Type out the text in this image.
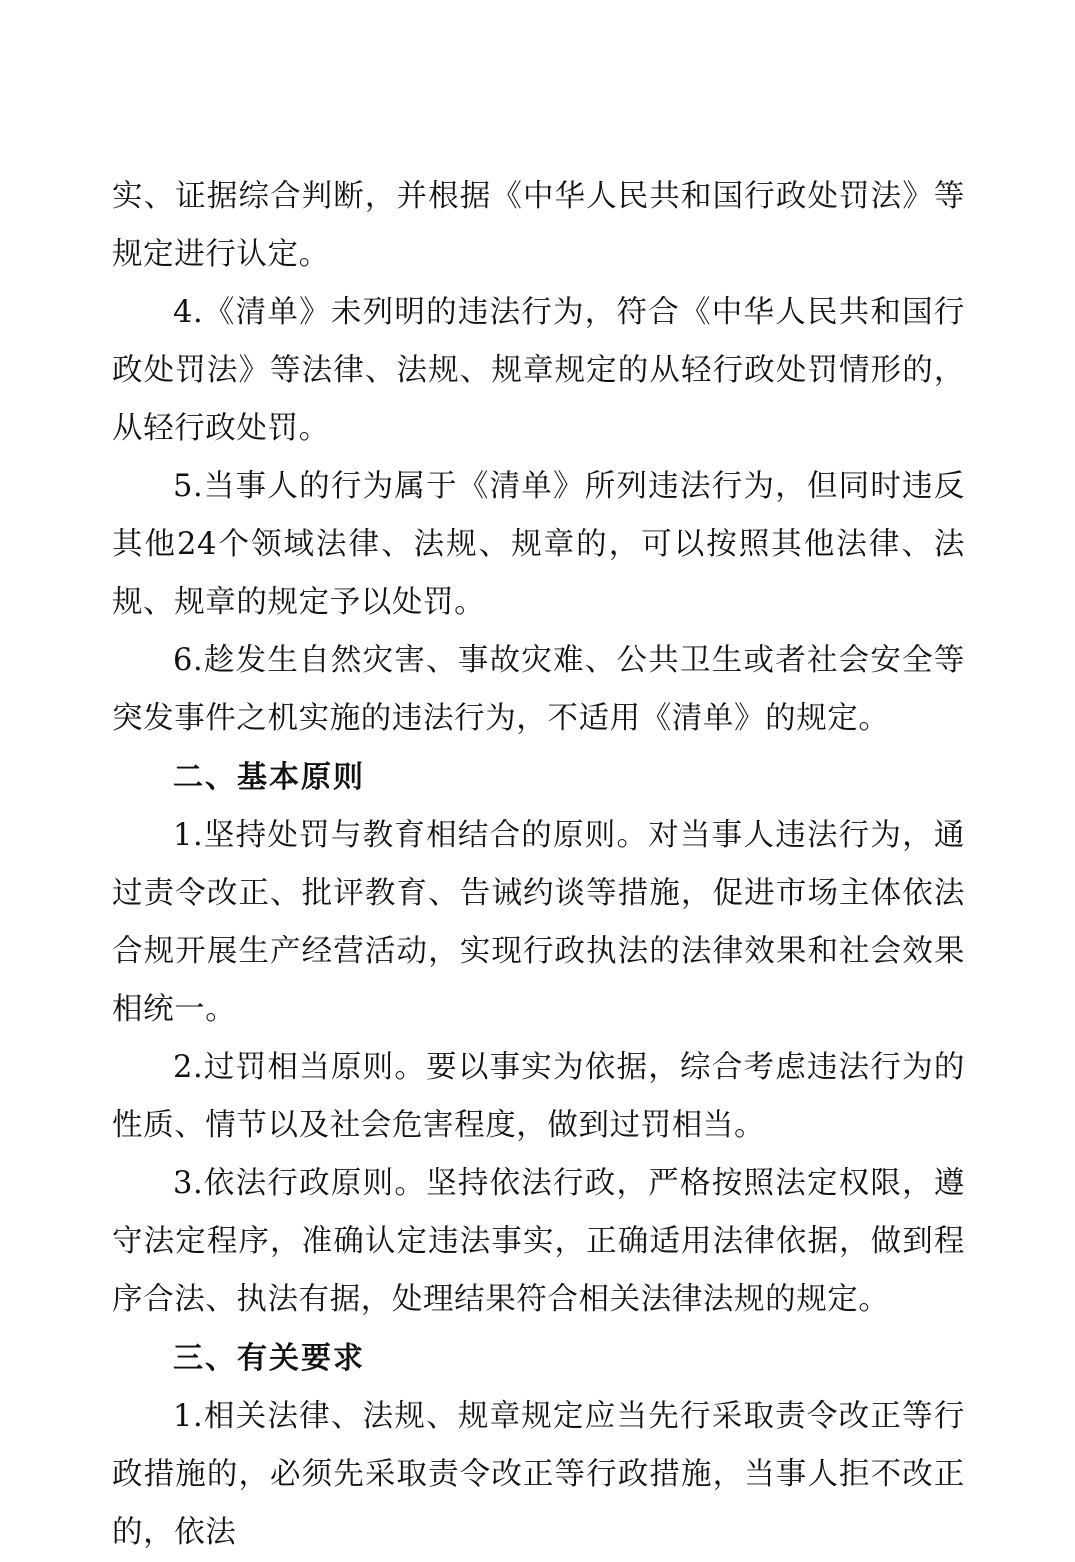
实、证据综合判断，并根据《中华人民共和国行政处罚法》等规定进行认定。

4.《清单》未列明的违法行为，符合《中华人民共和国行政处罚法》等法律、法规、规章规定的从轻行政处罚情形的，从轻行政处罚。

5.当事人的行为属于《清单》所列违法行为，但同时违反其他24个领域法律、法规、规章的，可以按照其他法律、法规、规章的规定予以处罚。

6.趁发生自然灾害、事故灾难、公共卫生或者社会安全等突发事件之机实施的违法行为，不适用《清单》的规定。

二、基本原则

1.坚持处罚与教育相结合的原则。对当事人违法行为，通过责令改正、批评教育、告诫约谈等措施，促进市场主体依法合规开展生产经营活动，实现行政执法的法律效果和社会效果相统一。

2.过罚相当原则。要以事实为依据，综合考虑违法行为的性质、情节以及社会危害程度，做到过罚相当。

3.依法行政原则。坚持依法行政，严格按照法定权限，遵守法定程序，准确认定违法事实，正确适用法律依据，做到程序合法、执法有据，处理结果符合相关法律法规的规定。

三、有关要求

1.相关法律、法规、规章规定应当先行采取责令改正等行政措施的，必须先采取责令改正等行政措施，当事人拒不改正的，依法
